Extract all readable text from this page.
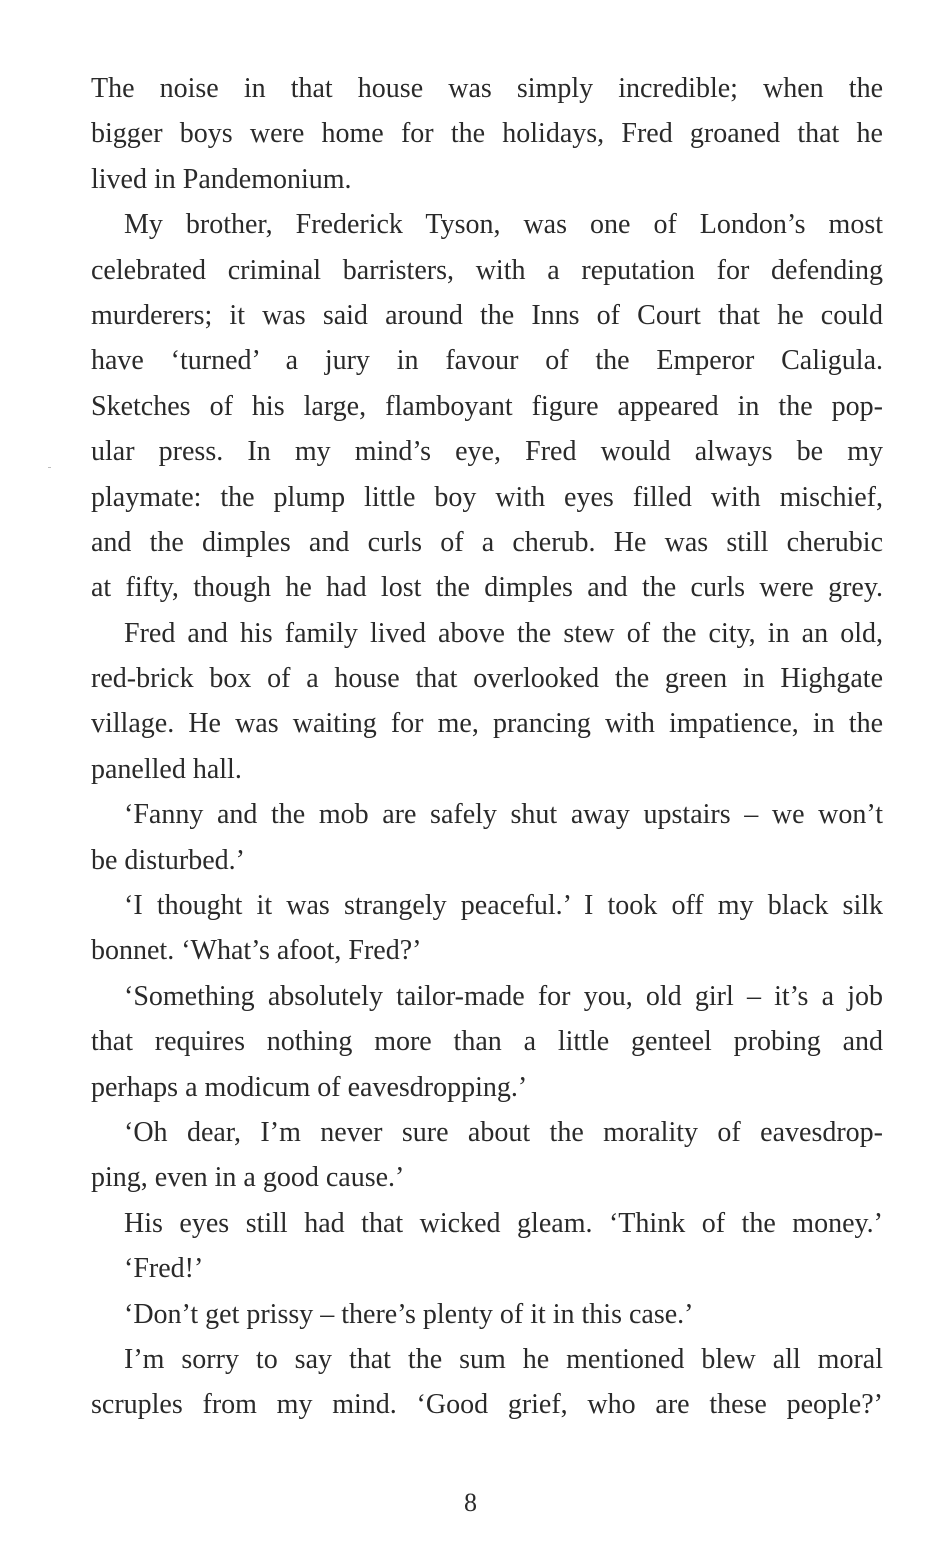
The noise in that house was simply incredible; when the
bigger boys were home for the holidays, Fred groaned that he
lived in Pandemonium.
My brother, Frederick Tyson, was one of London’s most
celebrated criminal barristers, with a reputation for defending
murderers; it was said around the Inns of Court that he could
have ‘turned’ a jury in favour of the Emperor Caligula.
Sketches of his large, flamboyant figure appeared in the pop-
ular press. In my mind’s eye, Fred would always be my
playmate: the plump little boy with eyes filled with mischief,
and the dimples and curls of a cherub. He was still cherubic
at fifty, though he had lost the dimples and the curls were grey.
Fred and his family lived above the stew of the city, in an old,
red-brick box of a house that overlooked the green in Highgate
village. He was waiting for me, prancing with impatience, in the
panelled hall.
‘Fanny and the mob are safely shut away upstairs – we won’t
be disturbed.’
‘I thought it was strangely peaceful.’ I took off my black silk
bonnet. ‘What’s afoot, Fred?’
‘Something absolutely tailor-made for you, old girl – it’s a job
that requires nothing more than a little genteel probing and
perhaps a modicum of eavesdropping.’
‘Oh dear, I’m never sure about the morality of eavesdrop-
ping, even in a good cause.’
His eyes still had that wicked gleam. ‘Think of the money.’
‘Fred!’
‘Don’t get prissy – there’s plenty of it in this case.’
I’m sorry to say that the sum he mentioned blew all moral
scruples from my mind. ‘Good grief, who are these people?’
8
